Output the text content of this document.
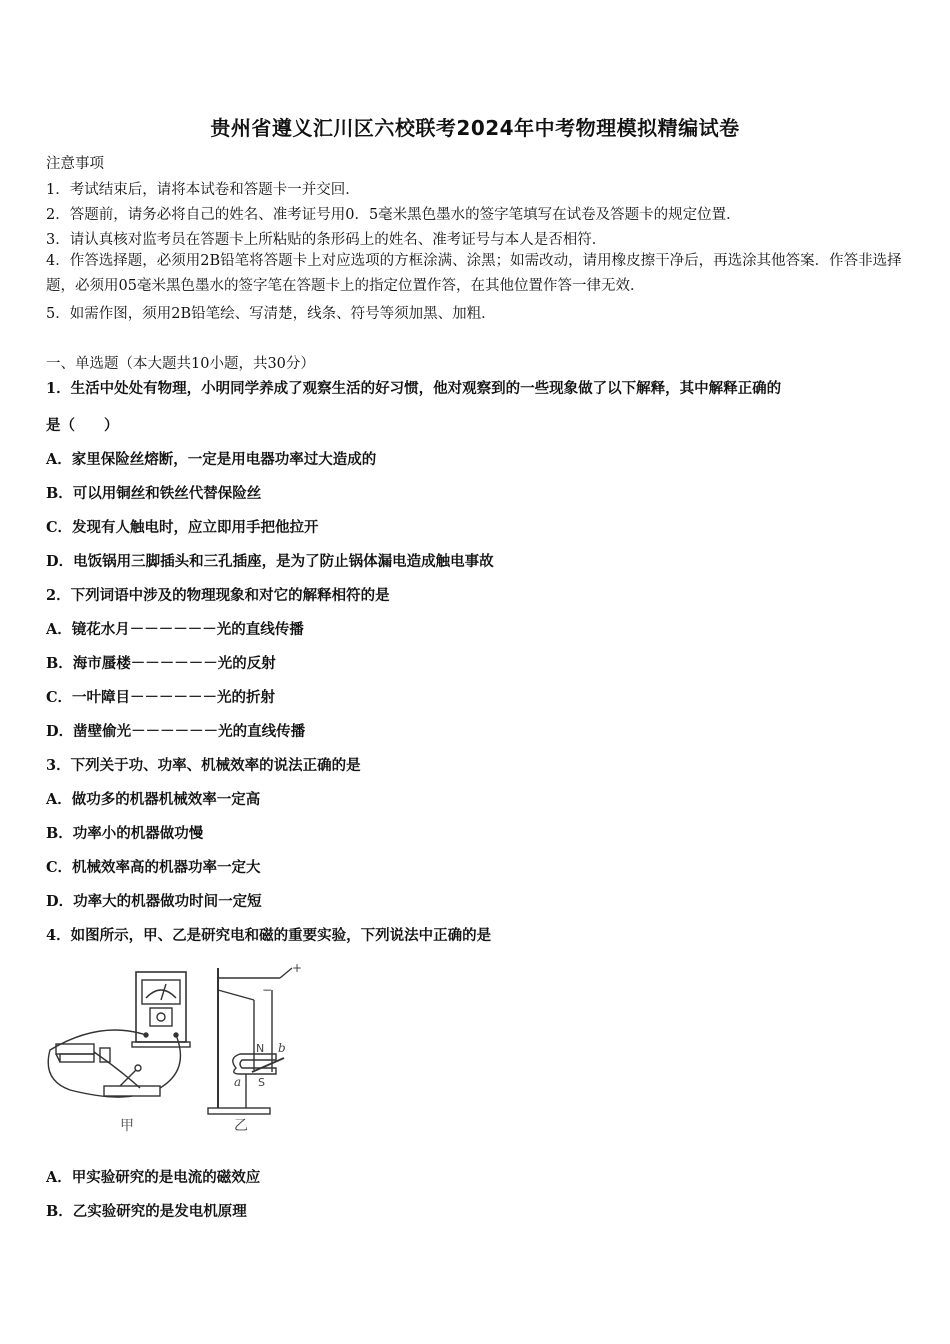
贵州省遵义汇川区六校联考2024年中考物理模拟精编试卷
注意事项
1．考试结束后，请将本试卷和答题卡一并交回．
2．答题前，请务必将自己的姓名、准考证号用0．5毫米黑色墨水的签字笔填写在试卷及答题卡的规定位置．
3．请认真核对监考员在答题卡上所粘贴的条形码上的姓名、准考证号与本人是否相符．
4．作答选择题，必须用2B铅笔将答题卡上对应选项的方框涂满、涂黑；如需改动，请用橡皮擦干净后，再选涂其他答案．作答非选择题，必须用05毫米黑色墨水的签字笔在答题卡上的指定位置作答，在其他位置作答一律无效．
5．如需作图，须用2B铅笔绘、写清楚，线条、符号等须加黑、加粗．
一、单选题（本大题共10小题，共30分）
1．生活中处处有物理，小明同学养成了观察生活的好习惯，他对观察到的一些现象做了以下解释，其中解释正确的
是（　　）
A．家里保险丝熔断，一定是用电器功率过大造成的
B．可以用铜丝和铁丝代替保险丝
C．发现有人触电时，应立即用手把他拉开
D．电饭锅用三脚插头和三孔插座，是为了防止锅体漏电造成触电事故
2．下列词语中涉及的物理现象和对它的解释相符的是
A．镜花水月－－－－－－光的直线传播
B．海市蜃楼－－－－－－光的反射
C．一叶障目－－－－－－光的折射
D．凿壁偷光－－－－－－光的直线传播
3．下列关于功、功率、机械效率的说法正确的是
A．做功多的机器机械效率一定高
B．功率小的机器做功慢
C．机械效率高的机器功率一定大
D．功率大的机器做功时间一定短
4．如图所示，甲、乙是研究电和磁的重要实验，下列说法中正确的是
甲
+
−
N
S
a
b
乙
A．甲实验研究的是电流的磁效应
B．乙实验研究的是发电机原理
